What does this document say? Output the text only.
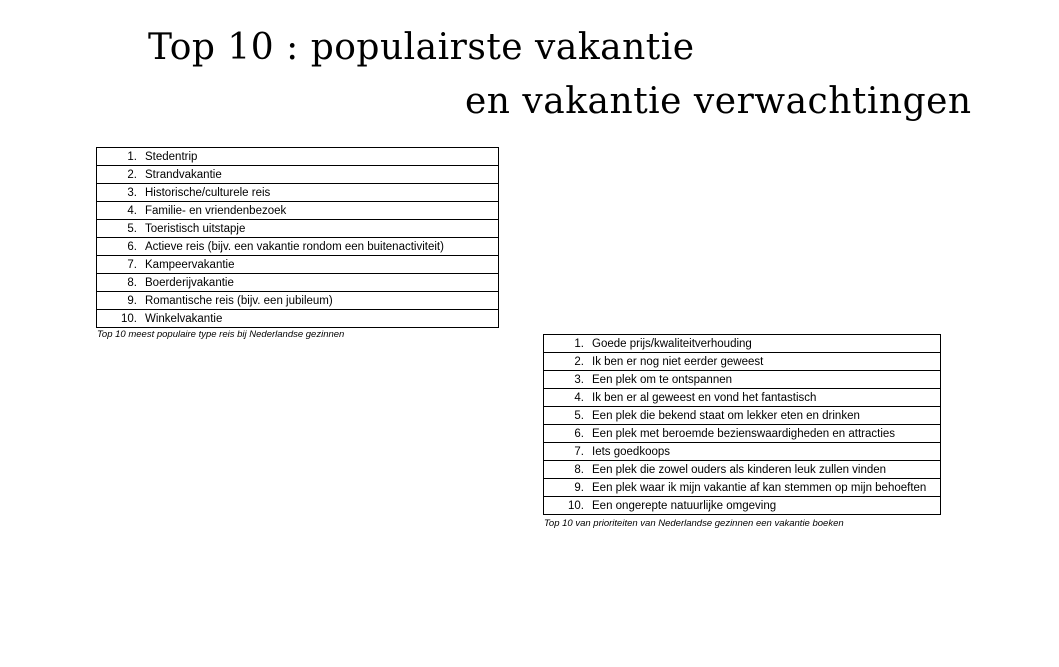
Top 10 : populairste vakantie
en vakantie verwachtingen
1. Stedentrip

2. Strandvakantie

3. Historische/culturele reis

4. Familie- en vriendenbezoek

5. Toeristisch uitstapje

6. Actieve reis (bijv. een vakantie rondom een buitenactiviteit)

7. Kampeervakantie

8. Boerderijvakantie

9. Romantische reis (bijv. een jubileum)

10. Winkelvakantie
Top 10 meest populaire type reis bij Nederlandse gezinnen
1. Goede prijs/kwaliteitverhouding

2. Ik ben er nog niet eerder geweest

3. Een plek om te ontspannen

4. Ik ben er al geweest en vond het fantastisch

5. Een plek die bekend staat om lekker eten en drinken

6. Een plek met beroemde bezienswaardigheden en attracties

7. Iets goedkoops

8. Een plek die zowel ouders als kinderen leuk zullen vinden

9. Een plek waar ik mijn vakantie af kan stemmen op mijn behoeften

10. Een ongerepte natuurlijke omgeving
Top 10 van prioriteiten van Nederlandse gezinnen een vakantie boeken
